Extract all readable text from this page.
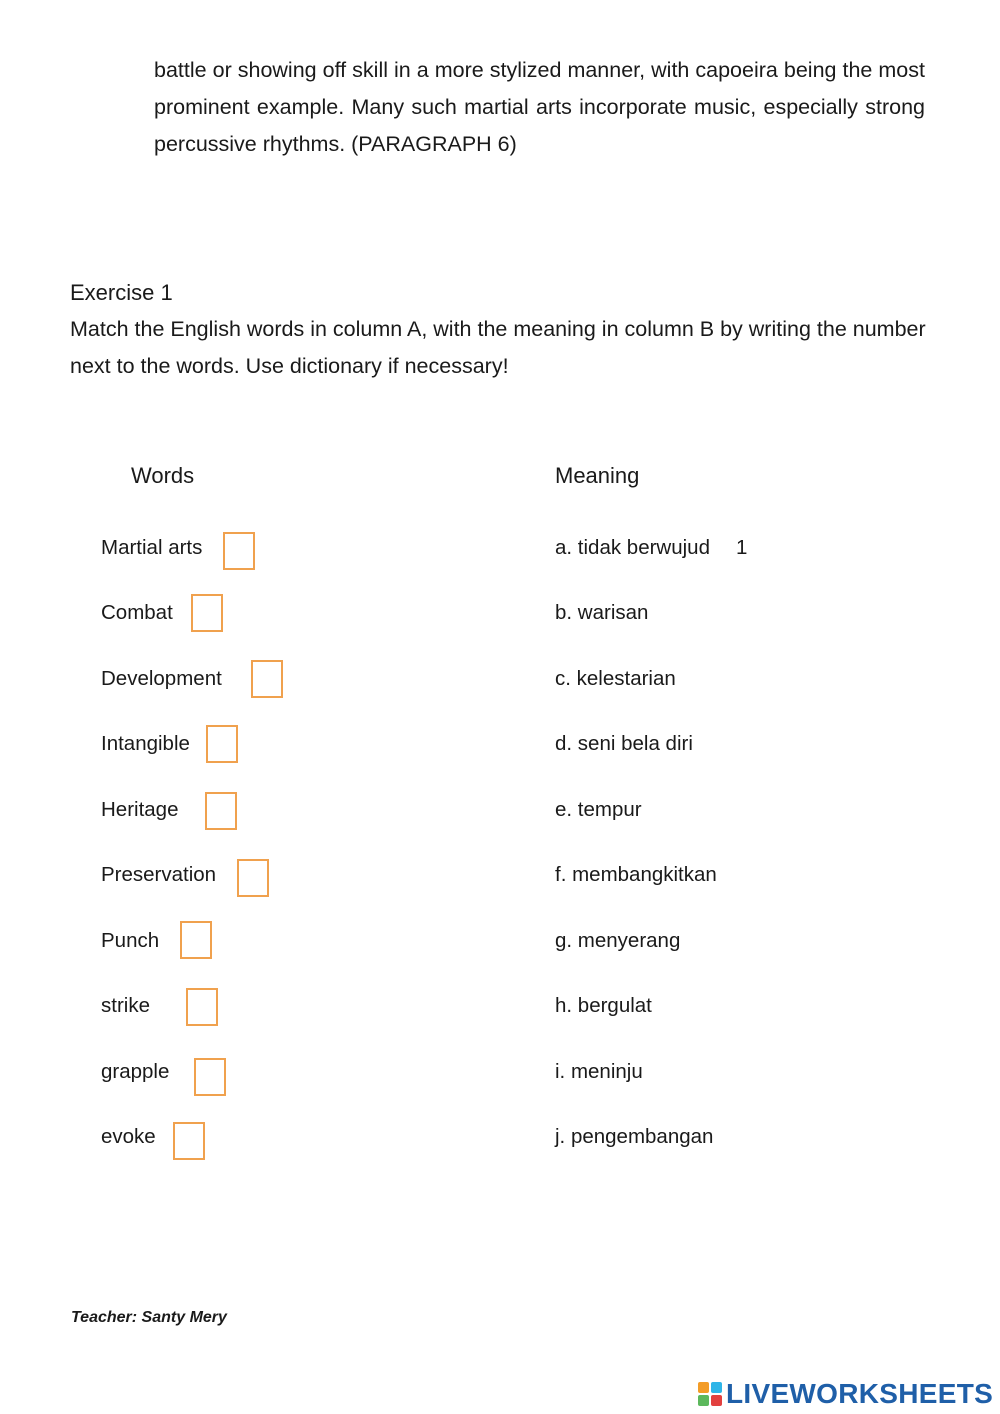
battle or showing off skill in a more stylized manner, with capoeira being the most prominent example. Many such martial arts incorporate music, especially strong percussive rhythms. (PARAGRAPH 6)

Exercise 1

Match the English words in column A, with the meaning in column B by writing the number next to the words. Use dictionary if necessary!

Words	Meaning
Martial arts
Combat
Development
Intangible
Heritage
Preservation
Punch
strike
grapple
evoke
a. tidak berwujud 1
b. warisan
c. kelestarian
d. seni bela diri
e. tempur
f. membangkitkan
g. menyerang
h. bergulat
i. meninju
j. pengembangan
Teacher: Santy Mery
LIVEWORKSHEETS
